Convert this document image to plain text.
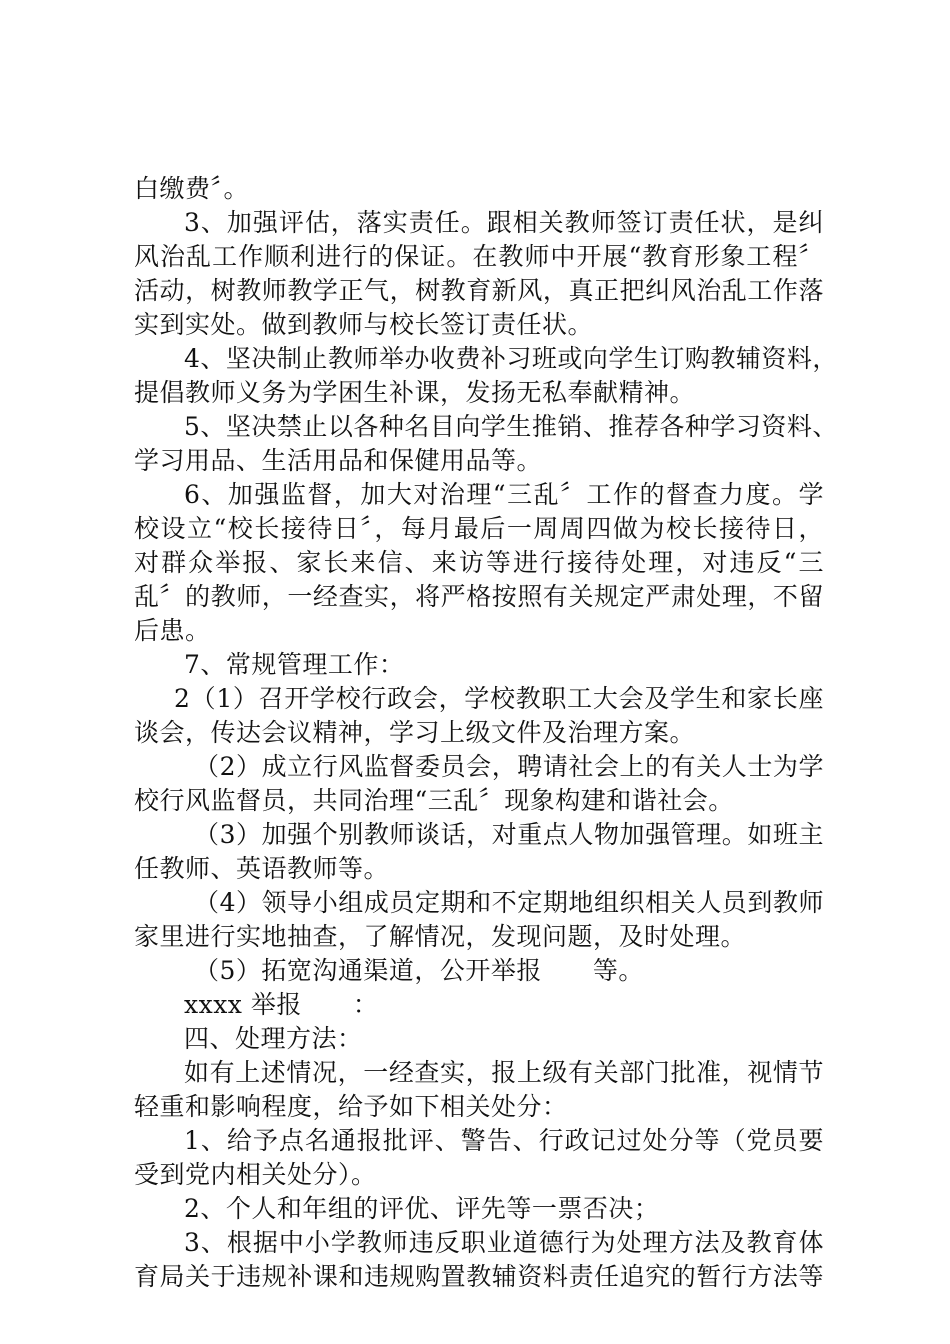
白缴费〞。
3、加强评估，落实责任。跟相关教师签订责任状，是纠
风治乱工作顺利进行的保证。在教师中开展“教育形象工程〞
活动，树教师教学正气，树教育新风，真正把纠风治乱工作落
实到实处。做到教师与校长签订责任状。
4、坚决制止教师举办收费补习班或向学生订购教辅资料，
提倡教师义务为学困生补课，发扬无私奉献精神。
5、坚决禁止以各种名目向学生推销、推荐各种学习资料、
学习用品、生活用品和保健用品等。
6、加强监督，加大对治理“三乱〞工作的督查力度。学
校设立“校长接待日〞，每月最后一周周四做为校长接待日，
对群众举报、家长来信、来访等进行接待处理，对违反“三
乱〞的教师，一经查实，将严格按照有关规定严肃处理，不留
后患。
7、常规管理工作：
2（1）召开学校行政会，学校教职工大会及学生和家长座
谈会，传达会议精神，学习上级文件及治理方案。
（2）成立行风监督委员会，聘请社会上的有关人士为学
校行风监督员，共同治理“三乱〞现象构建和谐社会。
（3）加强个别教师谈话，对重点人物加强管理。如班主
任教师、英语教师等。
（4）领导小组成员定期和不定期地组织相关人员到教师
家里进行实地抽查，了解情况，发现问题，及时处理。
（5）拓宽沟通渠道，公开举报　　等。
xxxx 举报　　：
四、处理方法：
如有上述情况，一经查实，报上级有关部门批准，视情节
轻重和影响程度，给予如下相关处分：
1、给予点名通报批评、警告、行政记过处分等（党员要
受到党内相关处分）。
2、个人和年组的评优、评先等一票否决；
3、根据中小学教师违反职业道德行为处理方法及教育体
育局关于违规补课和违规购置教辅资料责任追究的暂行方法等
